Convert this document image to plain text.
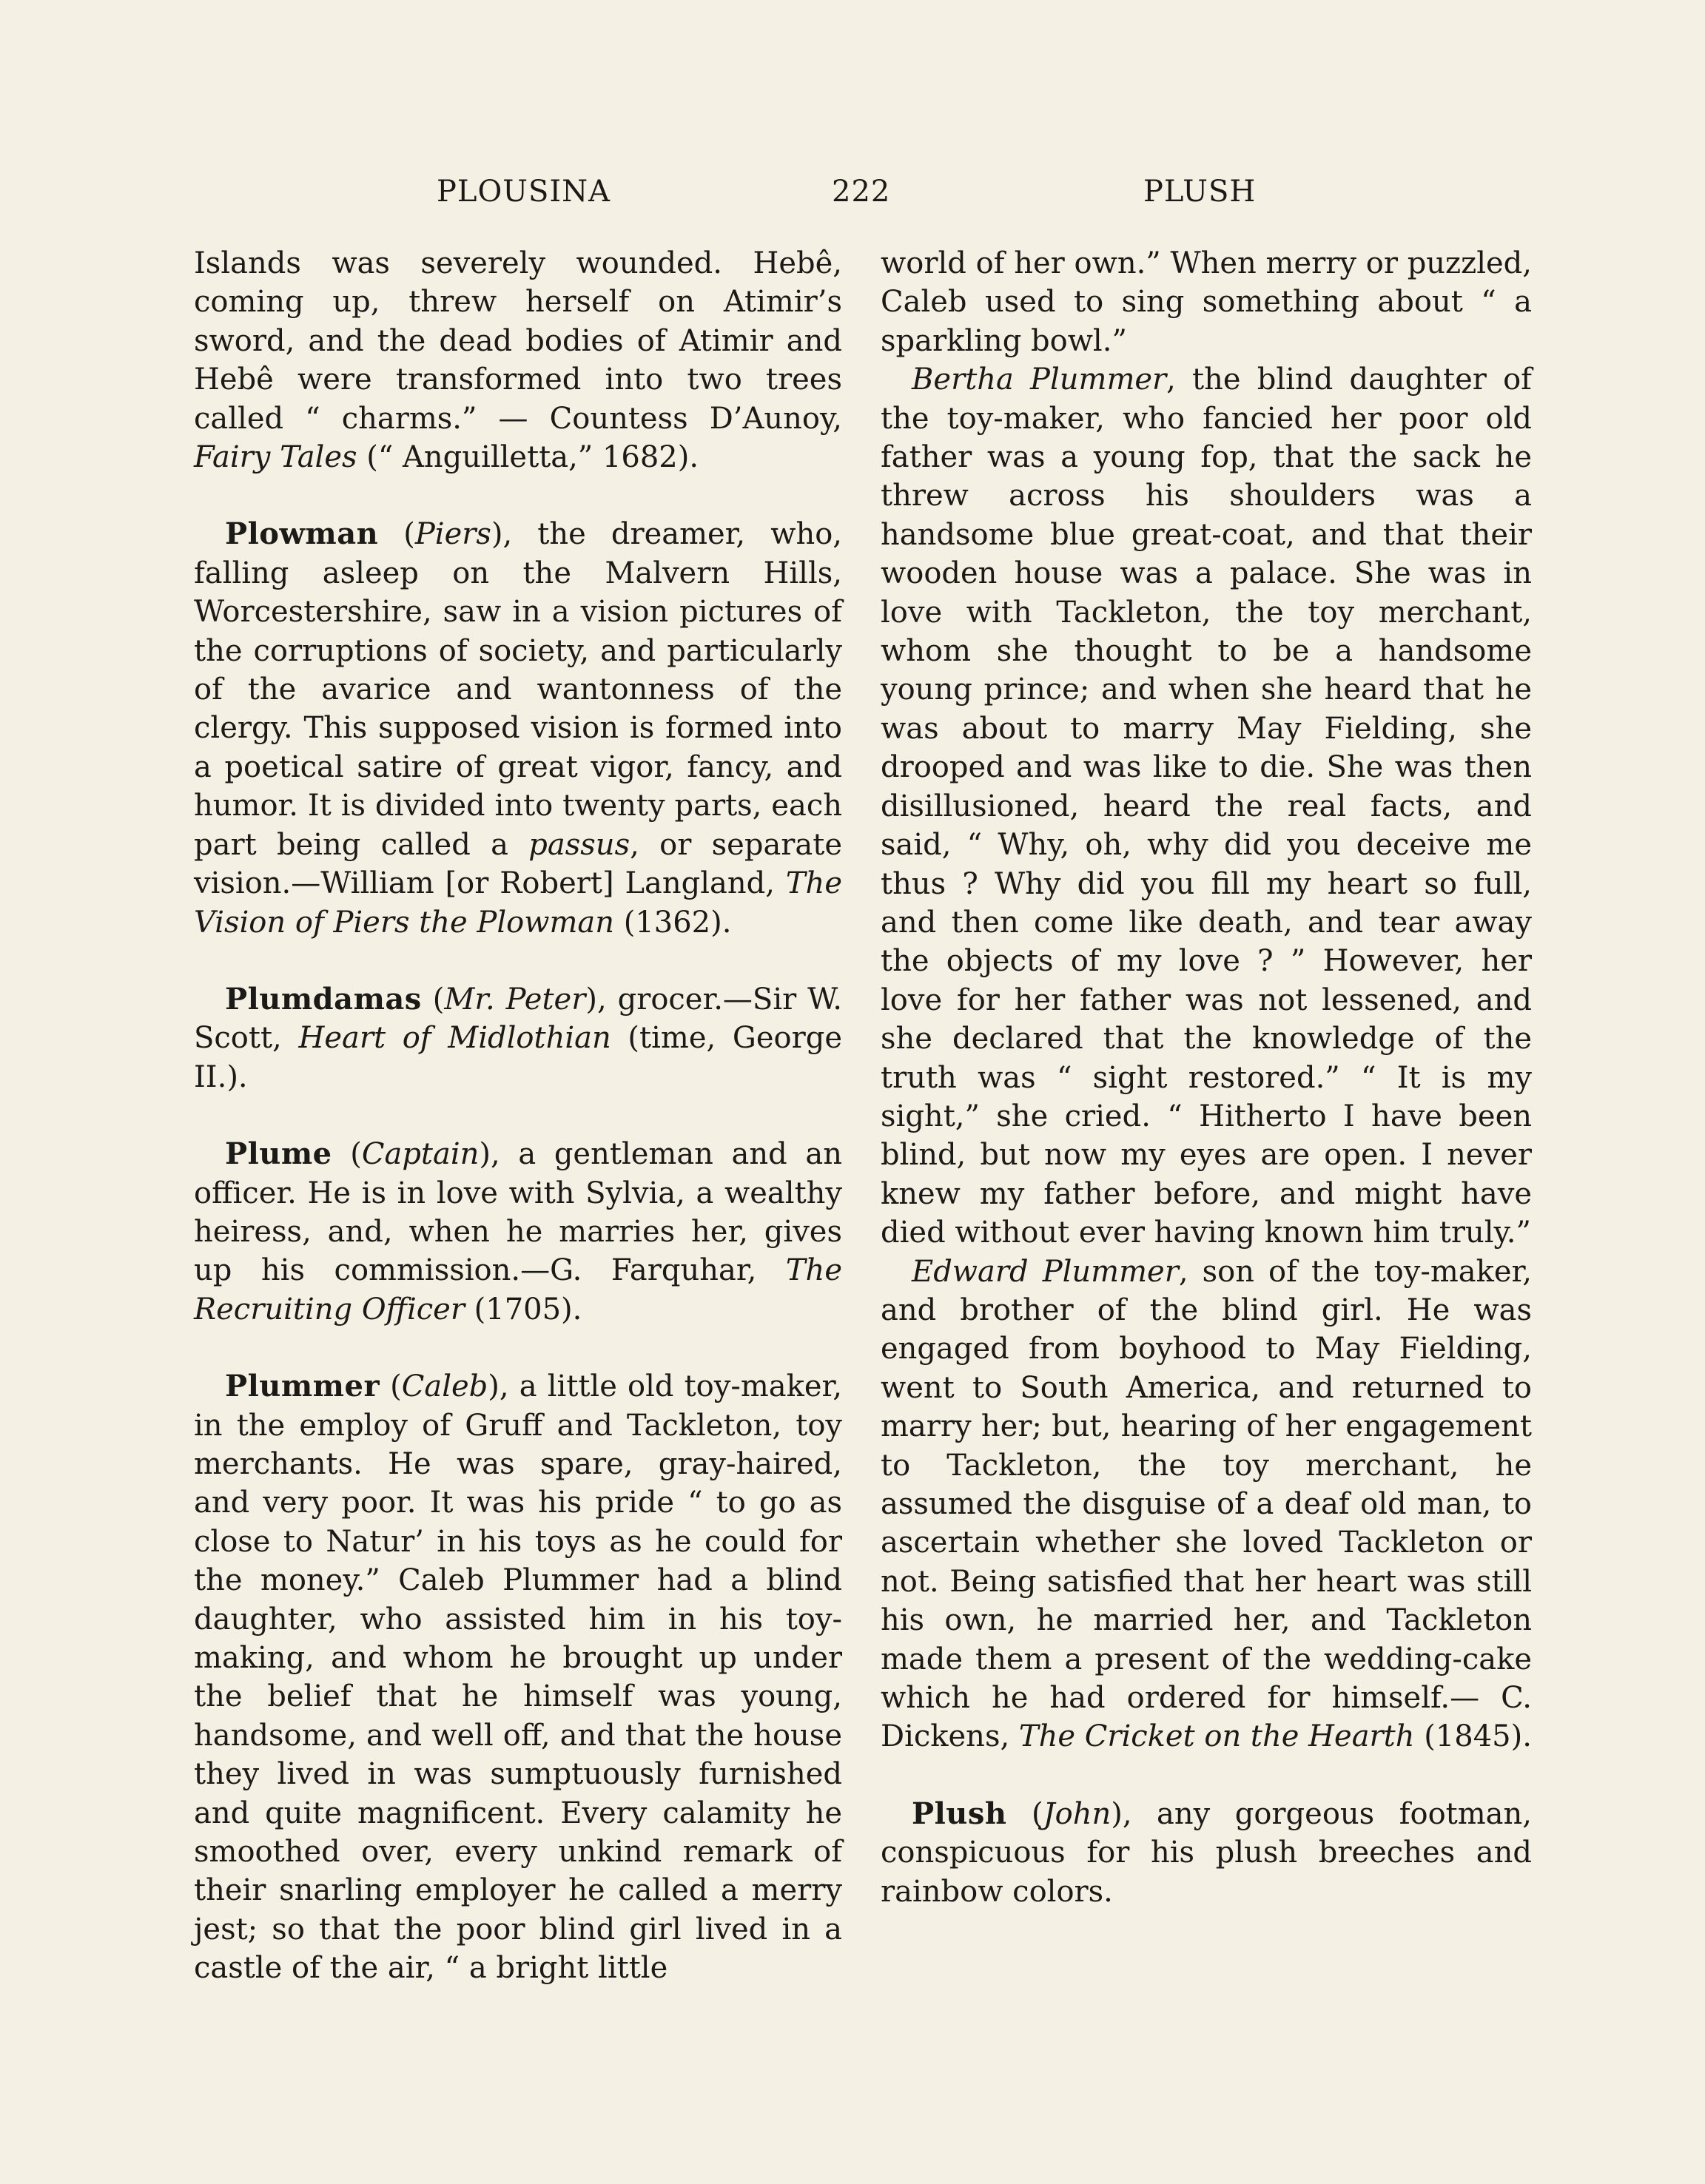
PLOUSINA	222	PLUSH

Islands was severely wounded. Hebê, coming up, threw herself on Atimir’s sword, and the dead bodies of Atimir and Hebê were transformed into two trees called “ charms.” — Countess D’Aunoy, Fairy Tales (“ Anguilletta,” 1682).

Plowman (Piers), the dreamer, who, falling asleep on the Malvern Hills, Worcestershire, saw in a vision pictures of the corruptions of society, and particularly of the avarice and wantonness of the clergy. This supposed vision is formed into a poetical satire of great vigor, fancy, and humor. It is divided into twenty parts, each part being called a passus, or separate vision.—William [or Robert] Langland, The Vision of Piers the Plowman (1362).

Plumdamas (Mr. Peter), grocer.—Sir W. Scott, Heart of Midlothian (time, George II.).

Plume (Captain), a gentleman and an officer. He is in love with Sylvia, a wealthy heiress, and, when he marries her, gives up his commission.—G. Farquhar, The Recruiting Officer (1705).

Plummer (Caleb), a little old toy-maker, in the employ of Gruff and Tackleton, toy merchants. He was spare, gray-haired, and very poor. It was his pride “ to go as close to Natur’ in his toys as he could for the money.” Caleb Plummer had a blind daughter, who assisted him in his toy-making, and whom he brought up under the belief that he himself was young, handsome, and well off, and that the house they lived in was sumptuously furnished and quite magnificent. Every calamity he smoothed over, every unkind remark of their snarling employer he called a merry jest; so that the poor blind girl lived in a castle of the air, “ a bright little

world of her own.” When merry or puzzled, Caleb used to sing something about “ a sparkling bowl.”

Bertha Plummer, the blind daughter of the toy-maker, who fancied her poor old father was a young fop, that the sack he threw across his shoulders was a handsome blue great-coat, and that their wooden house was a palace. She was in love with Tackleton, the toy merchant, whom she thought to be a handsome young prince; and when she heard that he was about to marry May Fielding, she drooped and was like to die. She was then disillusioned, heard the real facts, and said, “ Why, oh, why did you deceive me thus ? Why did you fill my heart so full, and then come like death, and tear away the objects of my love ? ” However, her love for her father was not lessened, and she declared that the knowledge of the truth was “ sight restored.” “ It is my sight,” she cried. “ Hitherto I have been blind, but now my eyes are open. I never knew my father before, and might have died without ever having known him truly.”

Edward Plummer, son of the toy-maker, and brother of the blind girl. He was engaged from boyhood to May Fielding, went to South America, and returned to marry her; but, hearing of her engagement to Tackleton, the toy merchant, he assumed the disguise of a deaf old man, to ascertain whether she loved Tackleton or not. Being satisfied that her heart was still his own, he married her, and Tackleton made them a present of the wedding-cake which he had ordered for himself.— C. Dickens, The Cricket on the Hearth (1845).

Plush (John), any gorgeous footman, conspicuous for his plush breeches and rainbow colors.
